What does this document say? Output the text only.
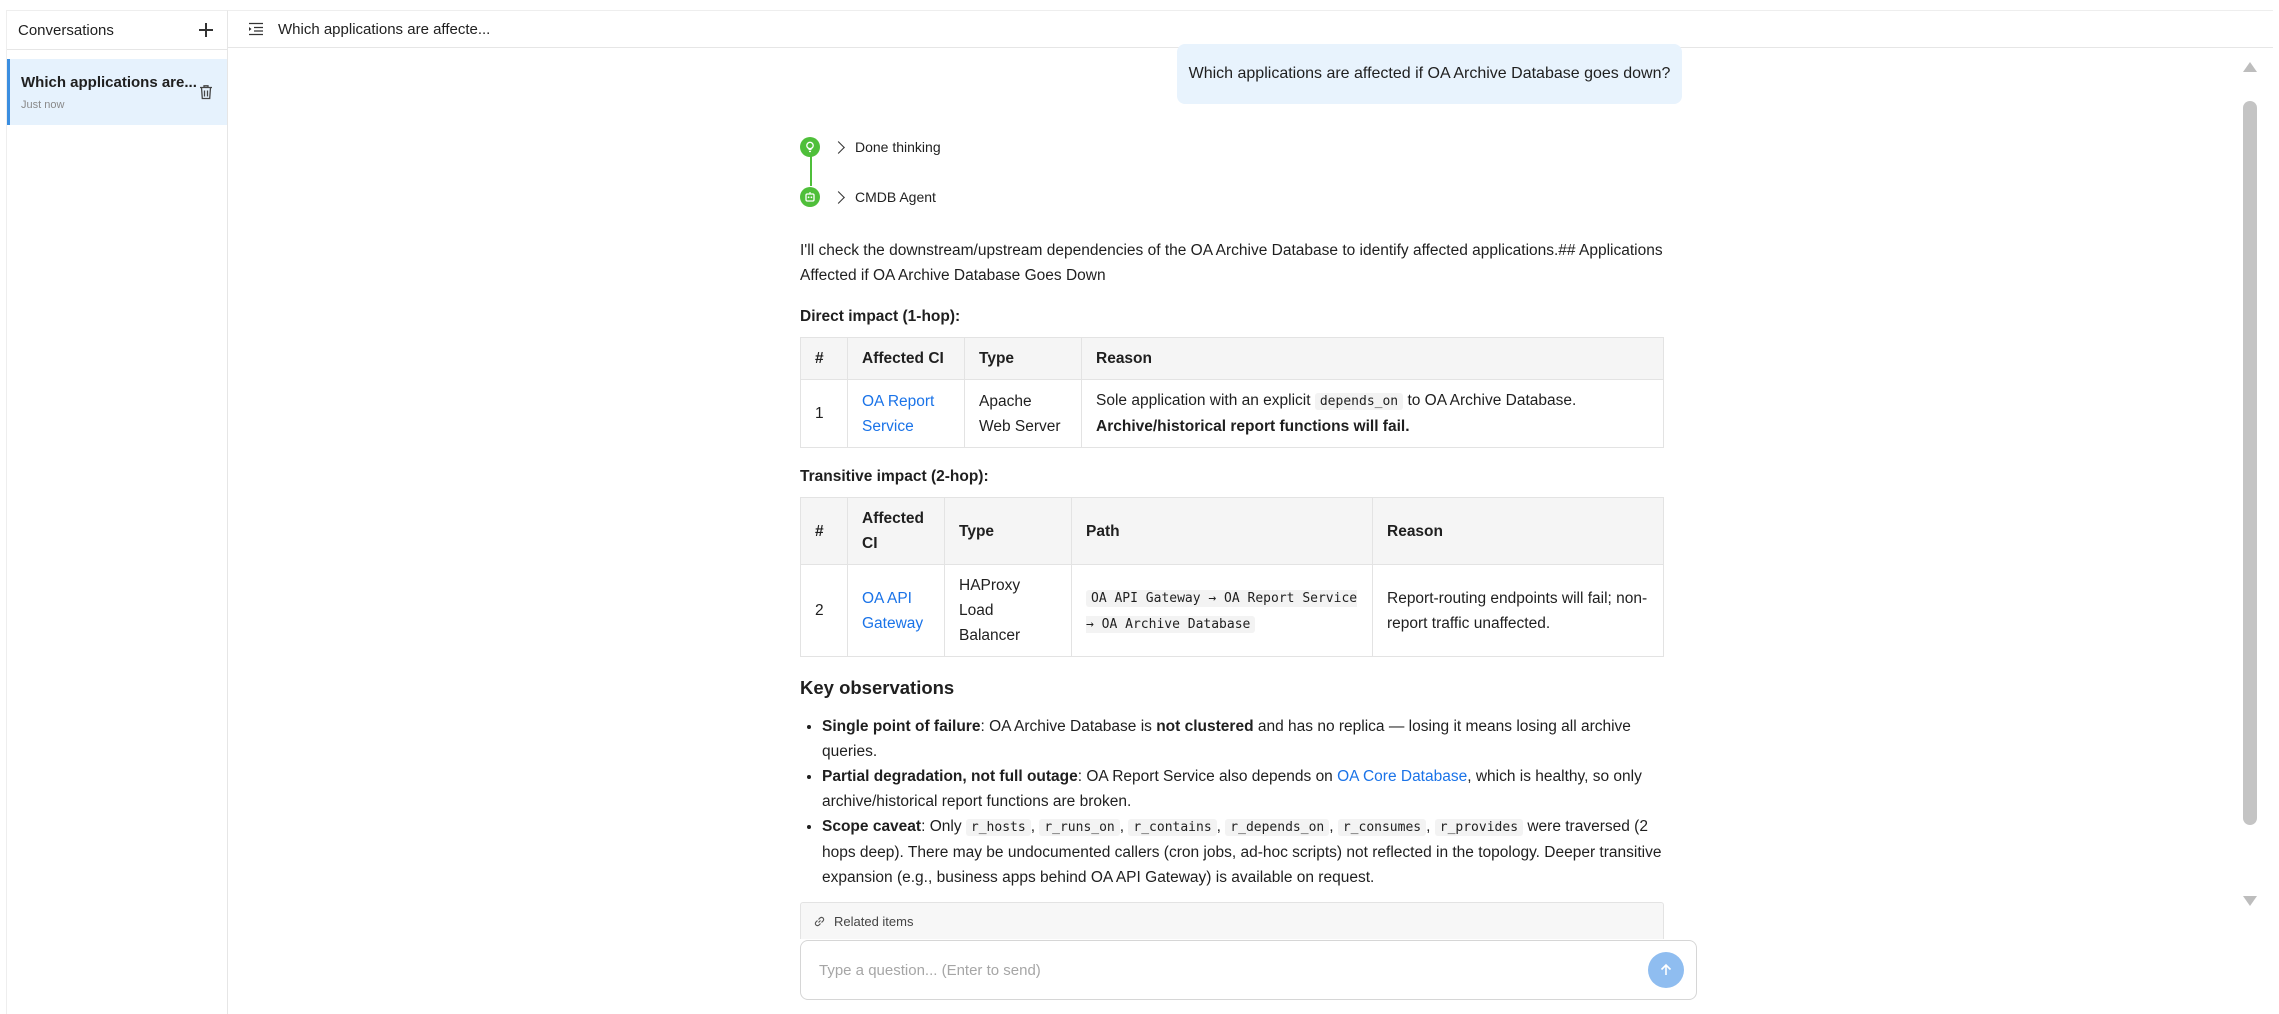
Conversations
Which applications are...
Just now
Which applications are affecte...
Which applications are affected if OA Archive Database goes down?
Done thinking
CMDB Agent

I'll check the downstream/upstream dependencies of the OA Archive Database to identify affected applications.## Applications Affected if OA Archive Database Goes Down

Direct impact (1-hop):
#	Affected CI	Type	Reason
1	OA Report Service	Apache Web Server	Sole application with an explicit depends_on to OA Archive Database.
Archive/historical report functions will fail.
Transitive impact (2-hop):
#	Affected CI	Type	Path	Reason
2	OA API Gateway	HAProxy Load Balancer	OA API Gateway → OA Report Service → OA Archive Database	Report-routing endpoints will fail; non-report traffic unaffected.
Key observations
• Single point of failure: OA Archive Database is not clustered and has no replica — losing it means losing all archive queries.
• Partial degradation, not full outage: OA Report Service also depends on OA Core Database, which is healthy, so only archive/historical report functions are broken.
• Scope caveat: Only r_hosts , r_runs_on , r_contains , r_depends_on , r_consumes , r_provides were traversed (2 hops deep). There may be undocumented callers (cron jobs, ad-hoc scripts) not reflected in the topology. Deeper transitive expansion (e.g., business apps behind OA API Gateway) is available on request.
Related items
Type a question... (Enter to send)
